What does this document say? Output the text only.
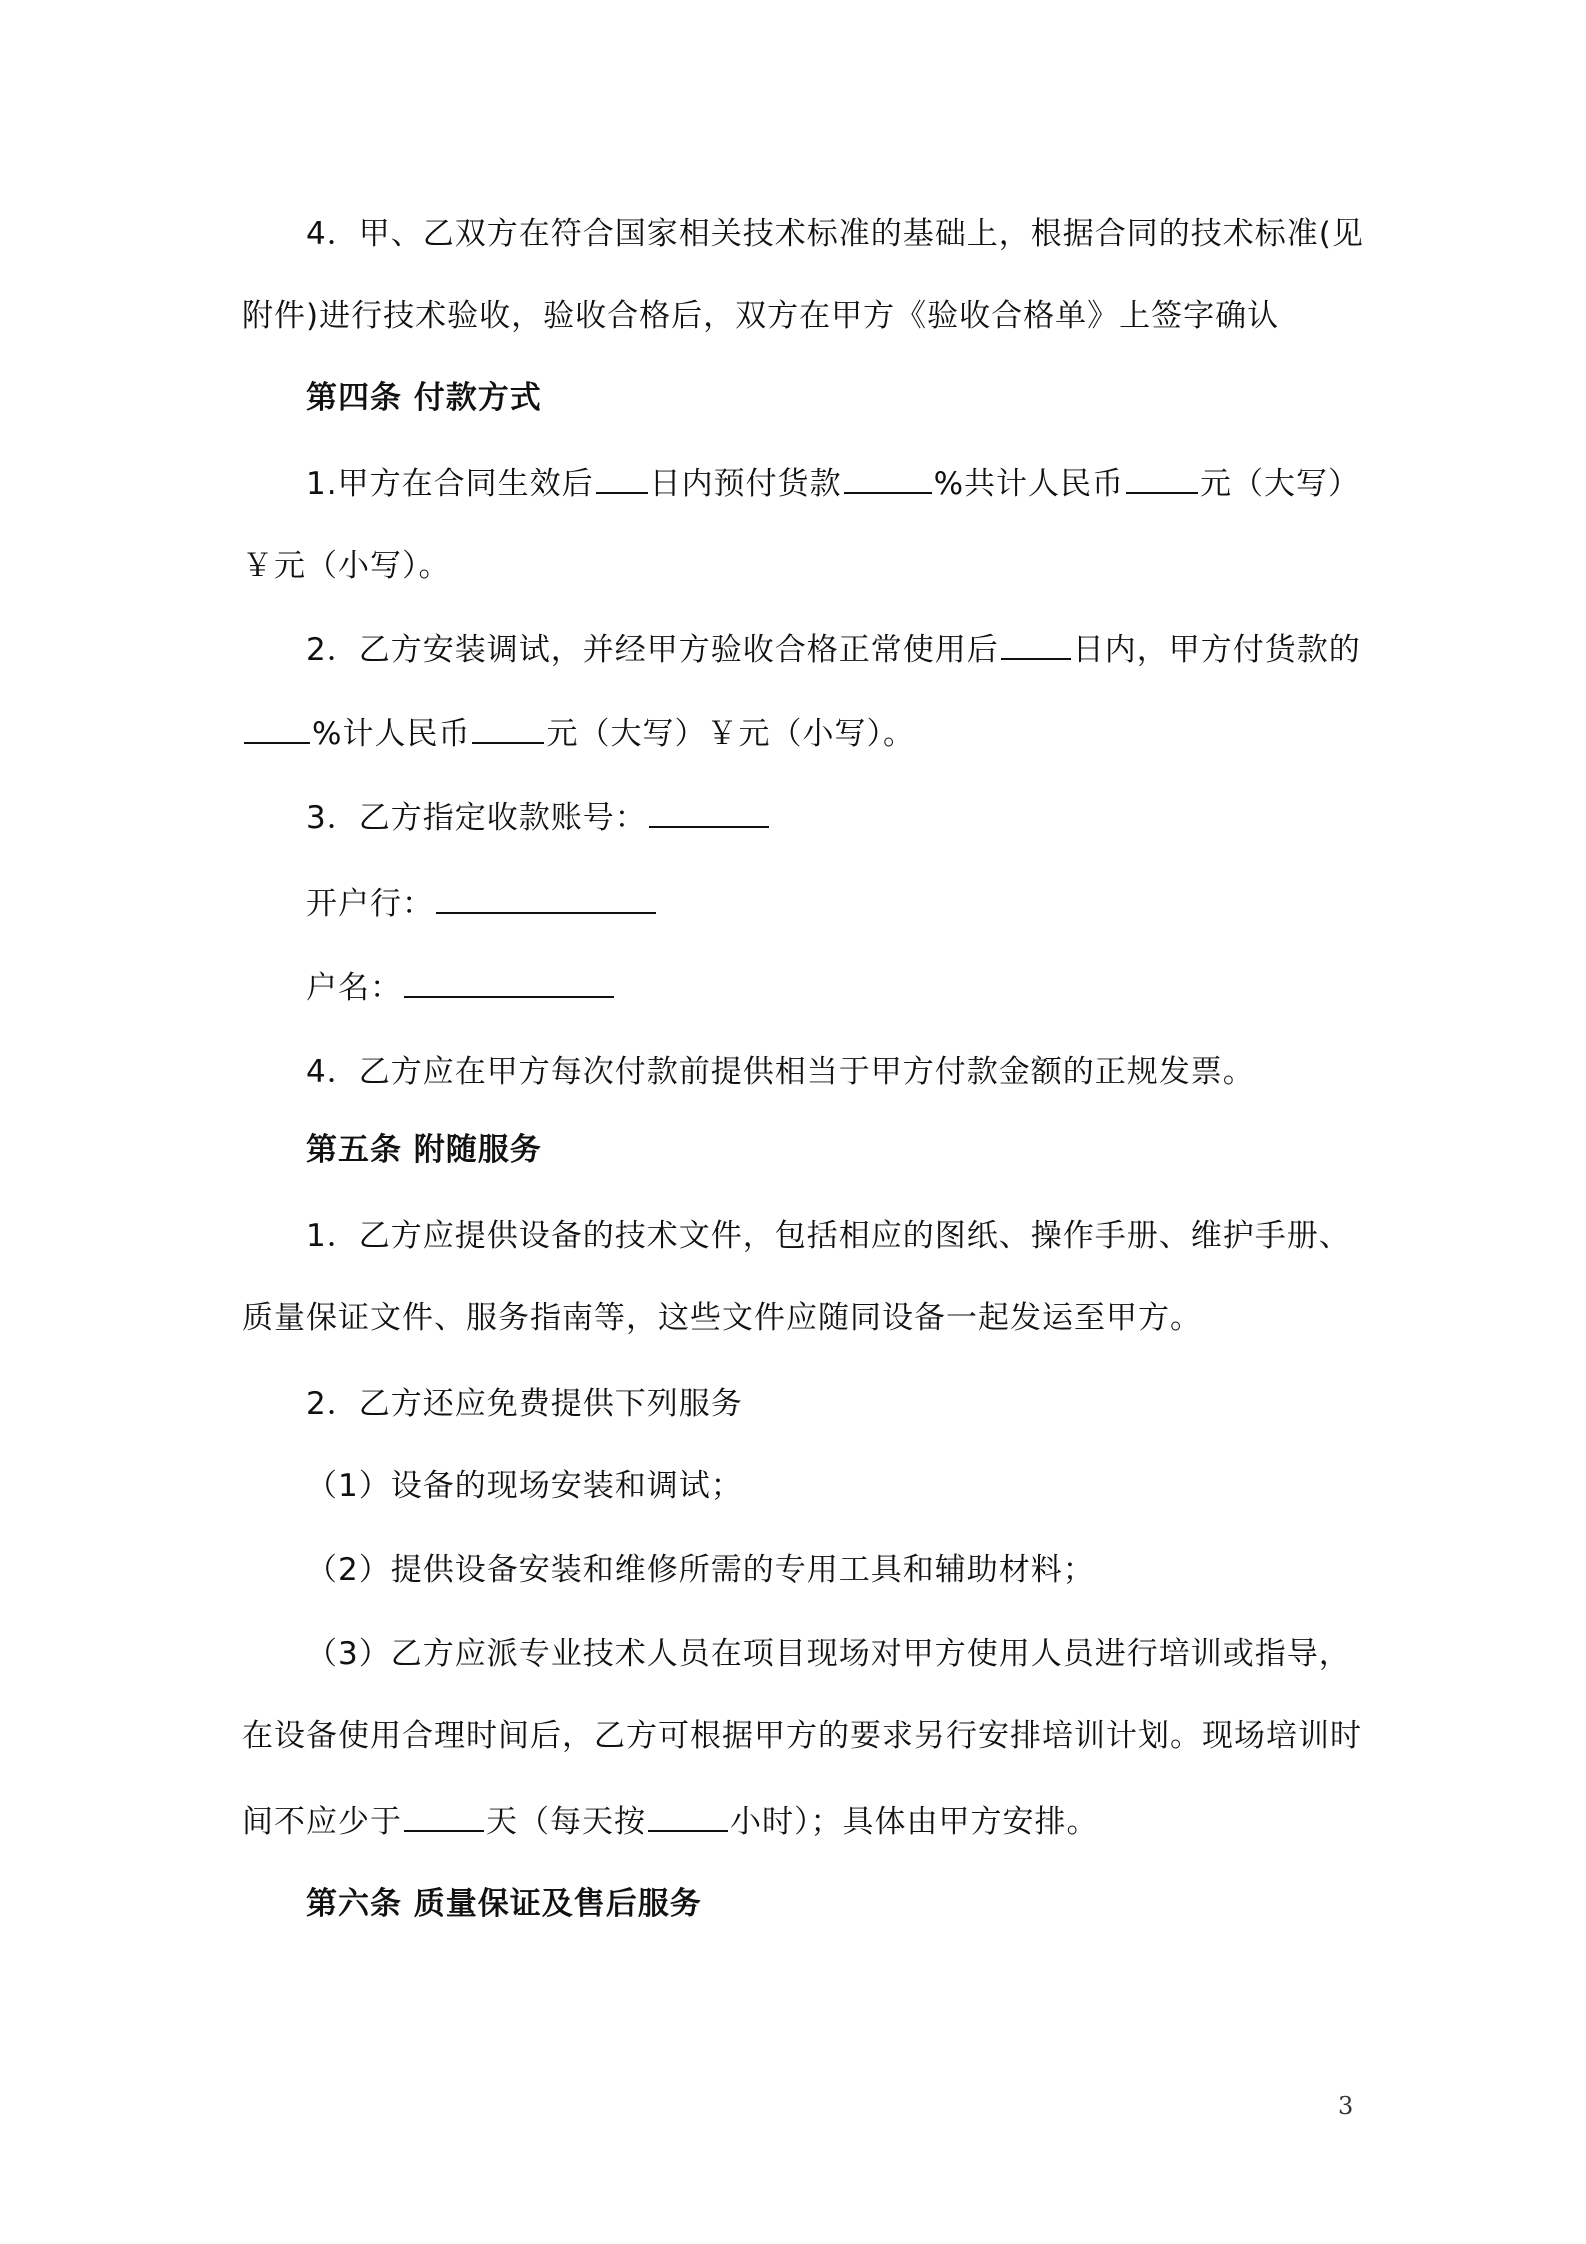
4．甲、乙双方在符合国家相关技术标准的基础上，根据合同的技术标准(见
附件)进行技术验收，验收合格后，双方在甲方《验收合格单》上签字确认
第四条 付款方式
1.甲方在合同生效后 日内预付货款	%共计人民币 元（大写）
￥元（小写）。
2．乙方安装调试，并经甲方验收合格正常使用后 日内，甲方付货款的
%计人民币 元（大写）￥元（小写）。
3．乙方指定收款账号：
开户行：
户名：
4．乙方应在甲方每次付款前提供相当于甲方付款金额的正规发票。
第五条 附随服务
1．乙方应提供设备的技术文件，包括相应的图纸、操作手册、维护手册、
质量保证文件、服务指南等，这些文件应随同设备一起发运至甲方。
2．乙方还应免费提供下列服务
（1）设备的现场安装和调试；
（2）提供设备安装和维修所需的专用工具和辅助材料；
（3）乙方应派专业技术人员在项目现场对甲方使用人员进行培训或指导，
在设备使用合理时间后，乙方可根据甲方的要求另行安排培训计划。现场培训时
间不应少于	天（每天按	小时）；具体由甲方安排。
第六条 质量保证及售后服务
3
